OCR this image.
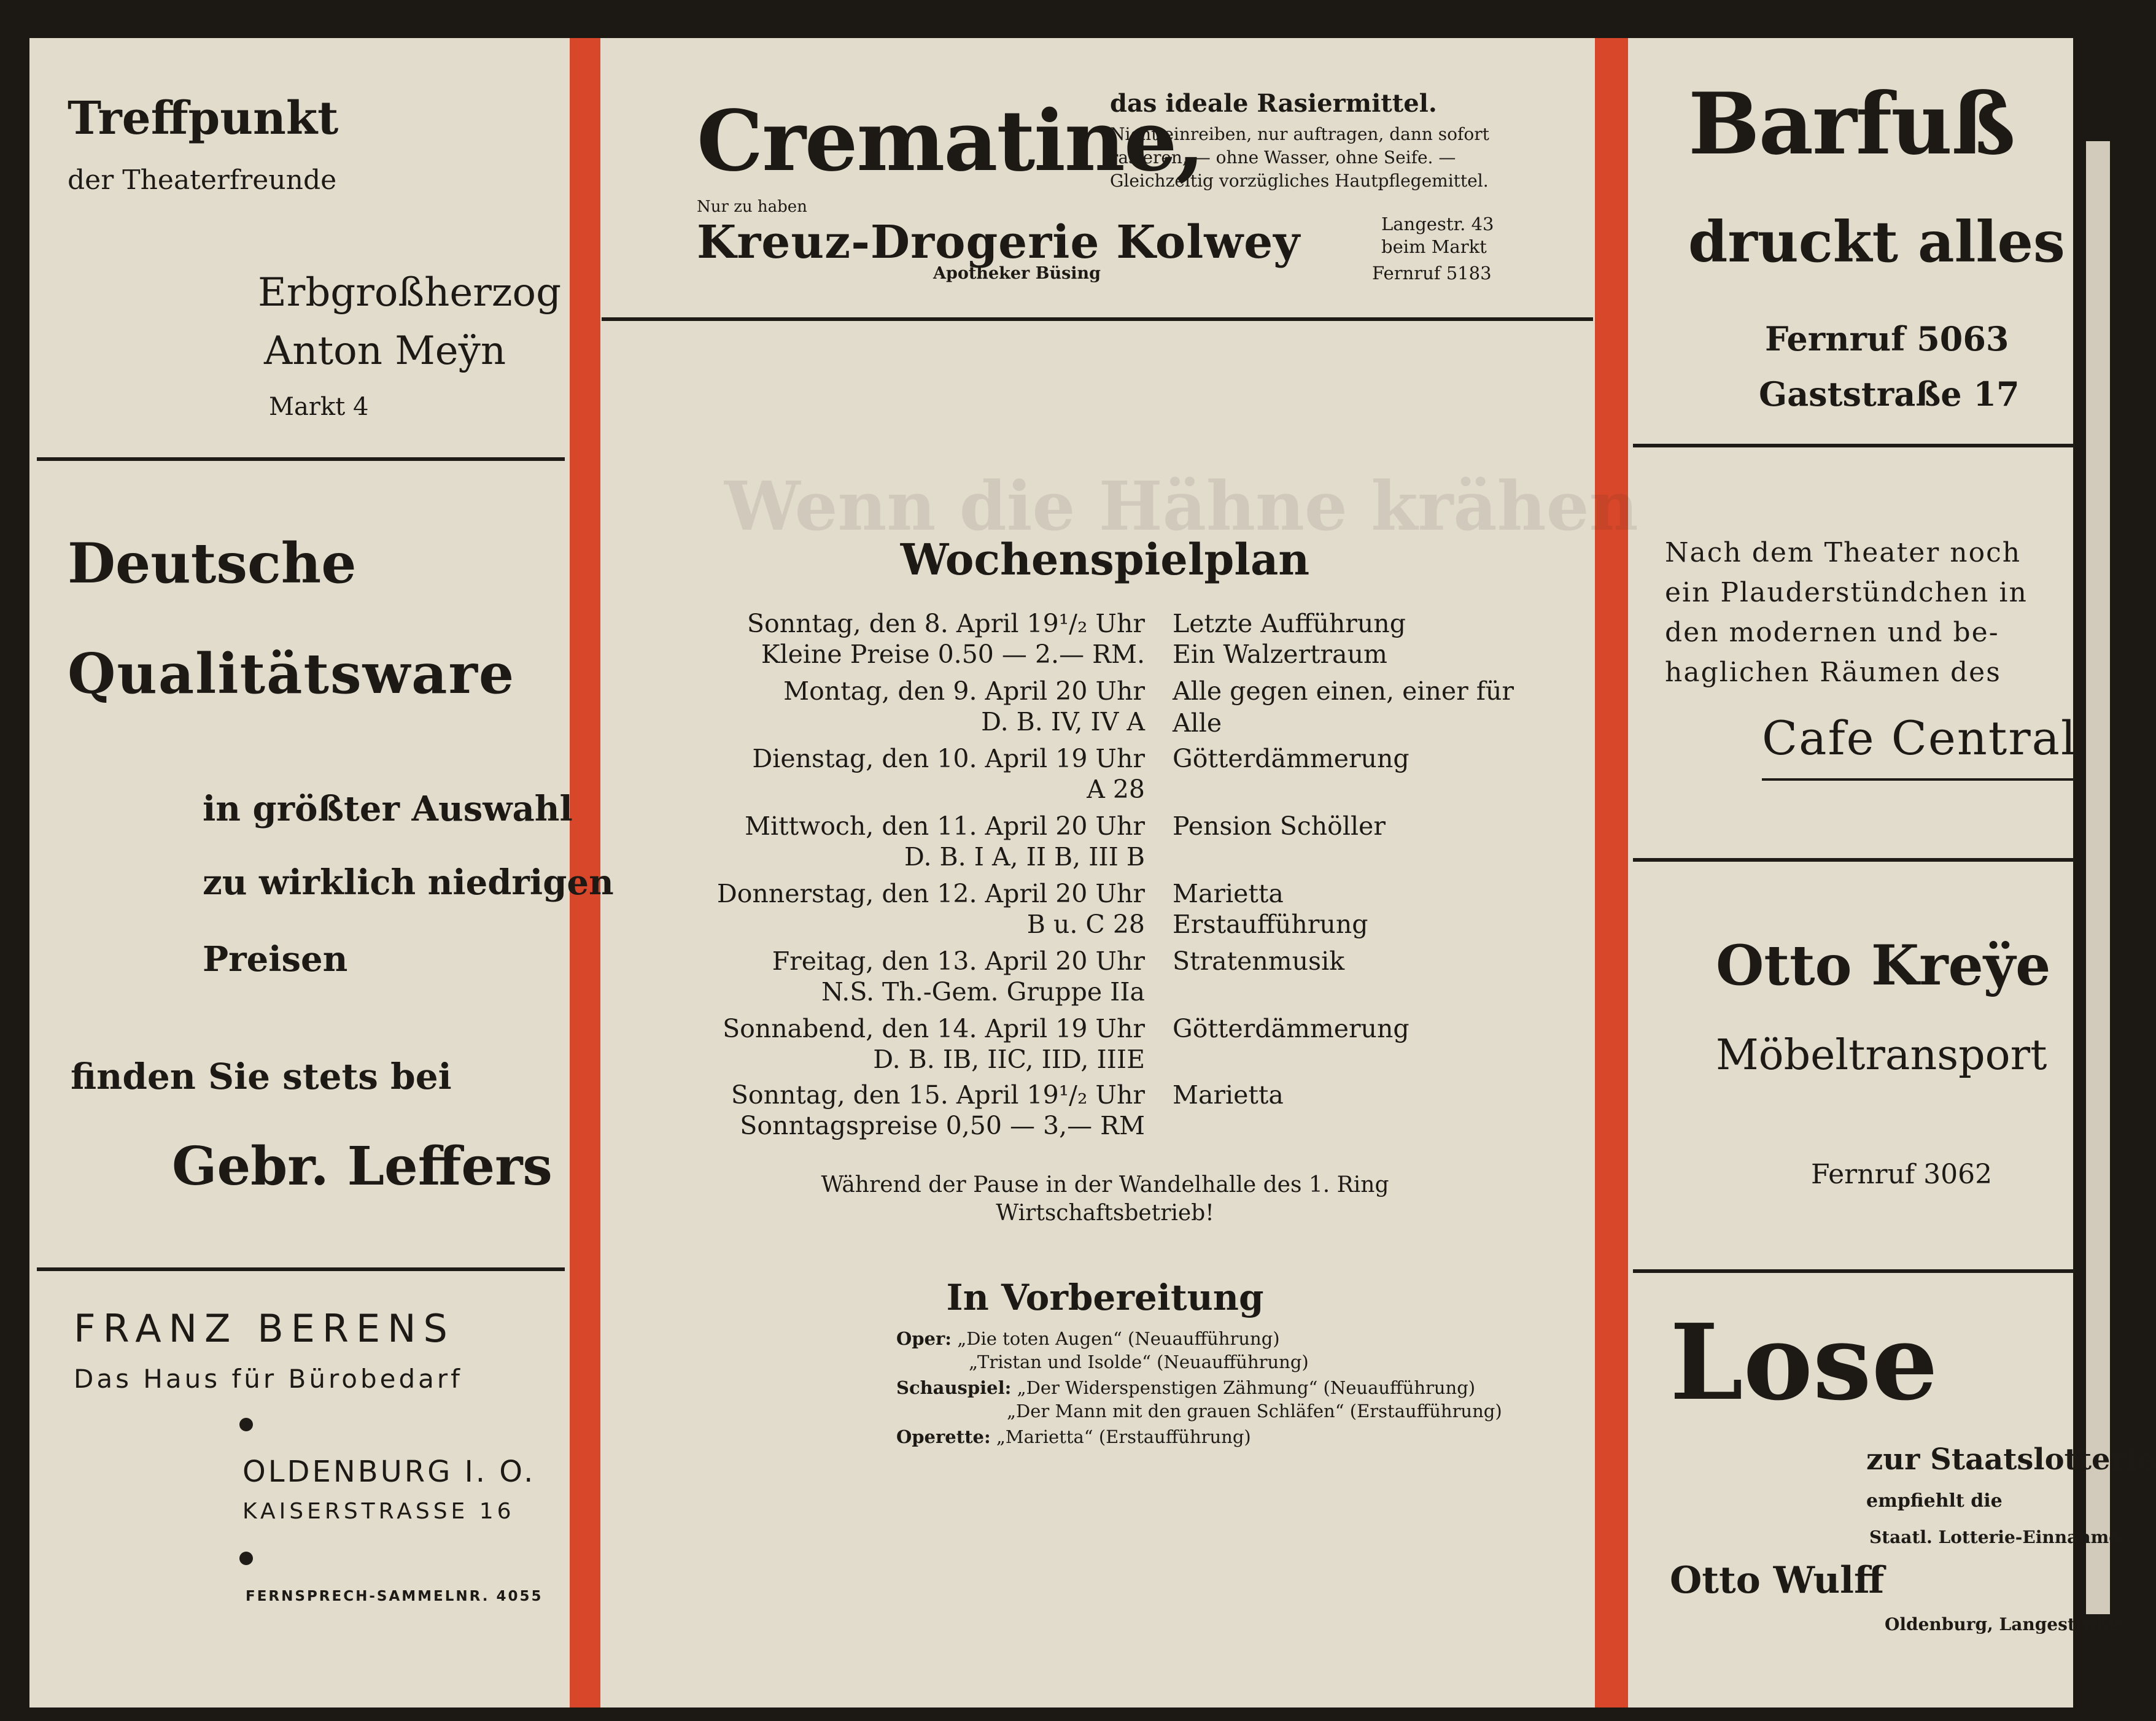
Treffpunkt
der Theaterfreunde
Erbgroßherzog
Anton Meÿn
Markt 4
Deutsche
Qualitätsware
in größter Auswahl
zu wirklich niedrigen
Preisen
finden Sie stets bei
Gebr. Leffers
FRANZ BERENS
Das Haus für Bürobedarf
OLDENBURG I. O.
KAISERSTRASSE 16
FERNSPRECH-SAMMELNR. 4055
Crematine,
das ideale Rasiermittel.
Nicht einreiben, nur auftragen, dann sofort
rasieren, — ohne Wasser, ohne Seife. —
Gleichzeitig vorzügliches Hautpflegemittel.
Nur zu haben
Kreuz-Drogerie Kolwey
Apotheker Büsing
Langestr. 43
beim Markt
Fernruf 5183
Wenn die Hähne krähen
Wochenspielplan
Sonntag, den 8. April 19¹/₂ Uhr
Kleine Preise 0.50 — 2.— RM.
Letzte Aufführung
Ein Walzertraum
Montag, den 9. April 20 Uhr
D. B. IV, IV A
Alle gegen einen, einer für Alle
Dienstag, den 10. April 19 Uhr
A 28
Götterdämmerung
Mittwoch, den 11. April 20 Uhr
D. B. I A, II B, III B
Pension Schöller
Donnerstag, den 12. April 20 Uhr
B u. C 28
Marietta
Erstaufführung
Freitag, den 13. April 20 Uhr
N.S. Th.-Gem. Gruppe IIa
Stratenmusik
Sonnabend, den 14. April 19 Uhr
D. B. IB, IIC, IID, IIIE
Götterdämmerung
Sonntag, den 15. April 19¹/₂ Uhr
Sonntagspreise 0,50 — 3,— RM
Marietta
Während der Pause in der Wandelhalle des 1. Ring
Wirtschaftsbetrieb!
In Vorbereitung
Oper: „Die toten Augen“ (Neuaufführung)
„Tristan und Isolde“ (Neuaufführung)
Schauspiel: „Der Widerspenstigen Zähmung“ (Neuaufführung)
„Der Mann mit den grauen Schläfen“ (Erstaufführung)
Operette: „Marietta“ (Erstaufführung)
Barfuß
druckt alles
Fernruf 5063
Gaststraße 17
Nach dem Theater noch
ein Plauderstündchen in
den modernen und be-
haglichen Räumen des
Cafe Central
Otto Kreÿe
Möbeltransport
Fernruf 3062
Lose
zur Staatslotterie
empfiehlt die
Staatl. Lotterie-Einnahme
Otto Wulff
Oldenburg, Langestraße
